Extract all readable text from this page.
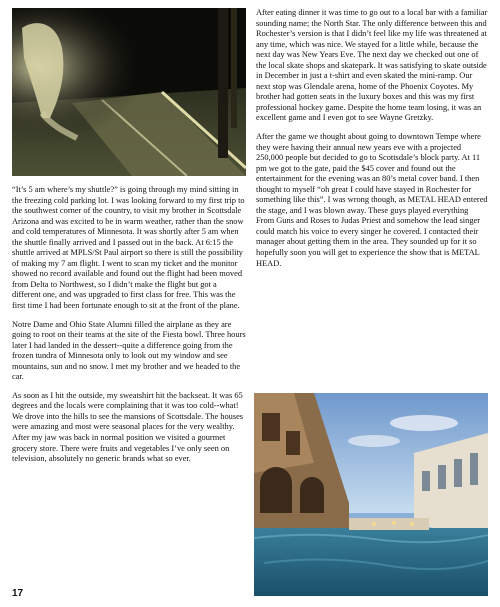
“It’s 5 am where’s my shuttle?” is going through my mind sitting in the freezing cold parking lot. I was looking forward to my first trip to the southwest corner of the country, to visit my brother in Scottsdale Arizona and was excited to be in warm weather, rather than the snow and cold temperatures of Minnesota. It was shortly after 5 am when the shuttle finally arrived and I passed out in the back. At 6:15 the shuttle arrived at MPLS/St Paul airport so there is still the possibility of making my 7 am flight. I went to scan my ticket and the monitor showed no record available and found out the flight had been moved from Delta to Northwest, so I didn’t make the flight but got a different one, and was upgraded to first class for free. This was the first time I had been fortunate enough to sit at the front of the plane.

Notre Dame and Ohio State Alumni filled the airplane as they are going to root on their teams at the site of the Fiesta bowl. Three hours later I had landed in the dessert--quite a difference going from the frozen tundra of Minnesota only to look out my window and see mountains, sun and no snow. I met my brother and we headed to the car.

As soon as I hit the outside, my sweatshirt hit the backseat. It was 65 degrees and the locals were complaining that it was too cold--what! We drove into the hills to see the mansions of Scottsdale. The houses were amazing and most were seasonal places for the very wealthy. After my jaw was back in normal position we visited a gourmet grocery store. There were fruits and vegetables I’ve only seen on television, absolutely no generic brands what so ever.

After eating dinner it was time to go out to a local bar with a familiar sounding name; the North Star. The only difference between this and Rochester’s version is that I didn’t feel like my life was threatened at any time, which was nice. We stayed for a little while, because the next day was New Years Eve. The next day we checked out one of the local skate shops and skatepark. It was satisfying to skate outside in December in just a t-shirt and even skated the mini-ramp. Our next stop was Glendale arena, home of the Phoenix Coyotes. My brother had gotten seats in the luxury boxes and this was my first professional hockey game. Despite the home team losing, it was an excellent game and I even got to see Wayne Gretzky.

After the game we thought about going to downtown Tempe where they were having their annual new years eve with a projected 250,000 people but decided to go to Scottsdale’s block party. At 11 pm we got to the gate, paid the $45 cover and found out the entertainment for the evening was an 80’s metal cover band. I then thought to myself “oh great I could have stayed in Rochester for something like this”. I was wrong though, as METAL HEAD entered the stage, and I was blown away. These guys played everything From Guns and Roses to Judas Priest and somehow the lead singer could match his voice to every singer he covered. I contacted their manager about getting them in the area. They sounded up for it so hopefully soon you will get to experience the show that is METAL HEAD.

17
